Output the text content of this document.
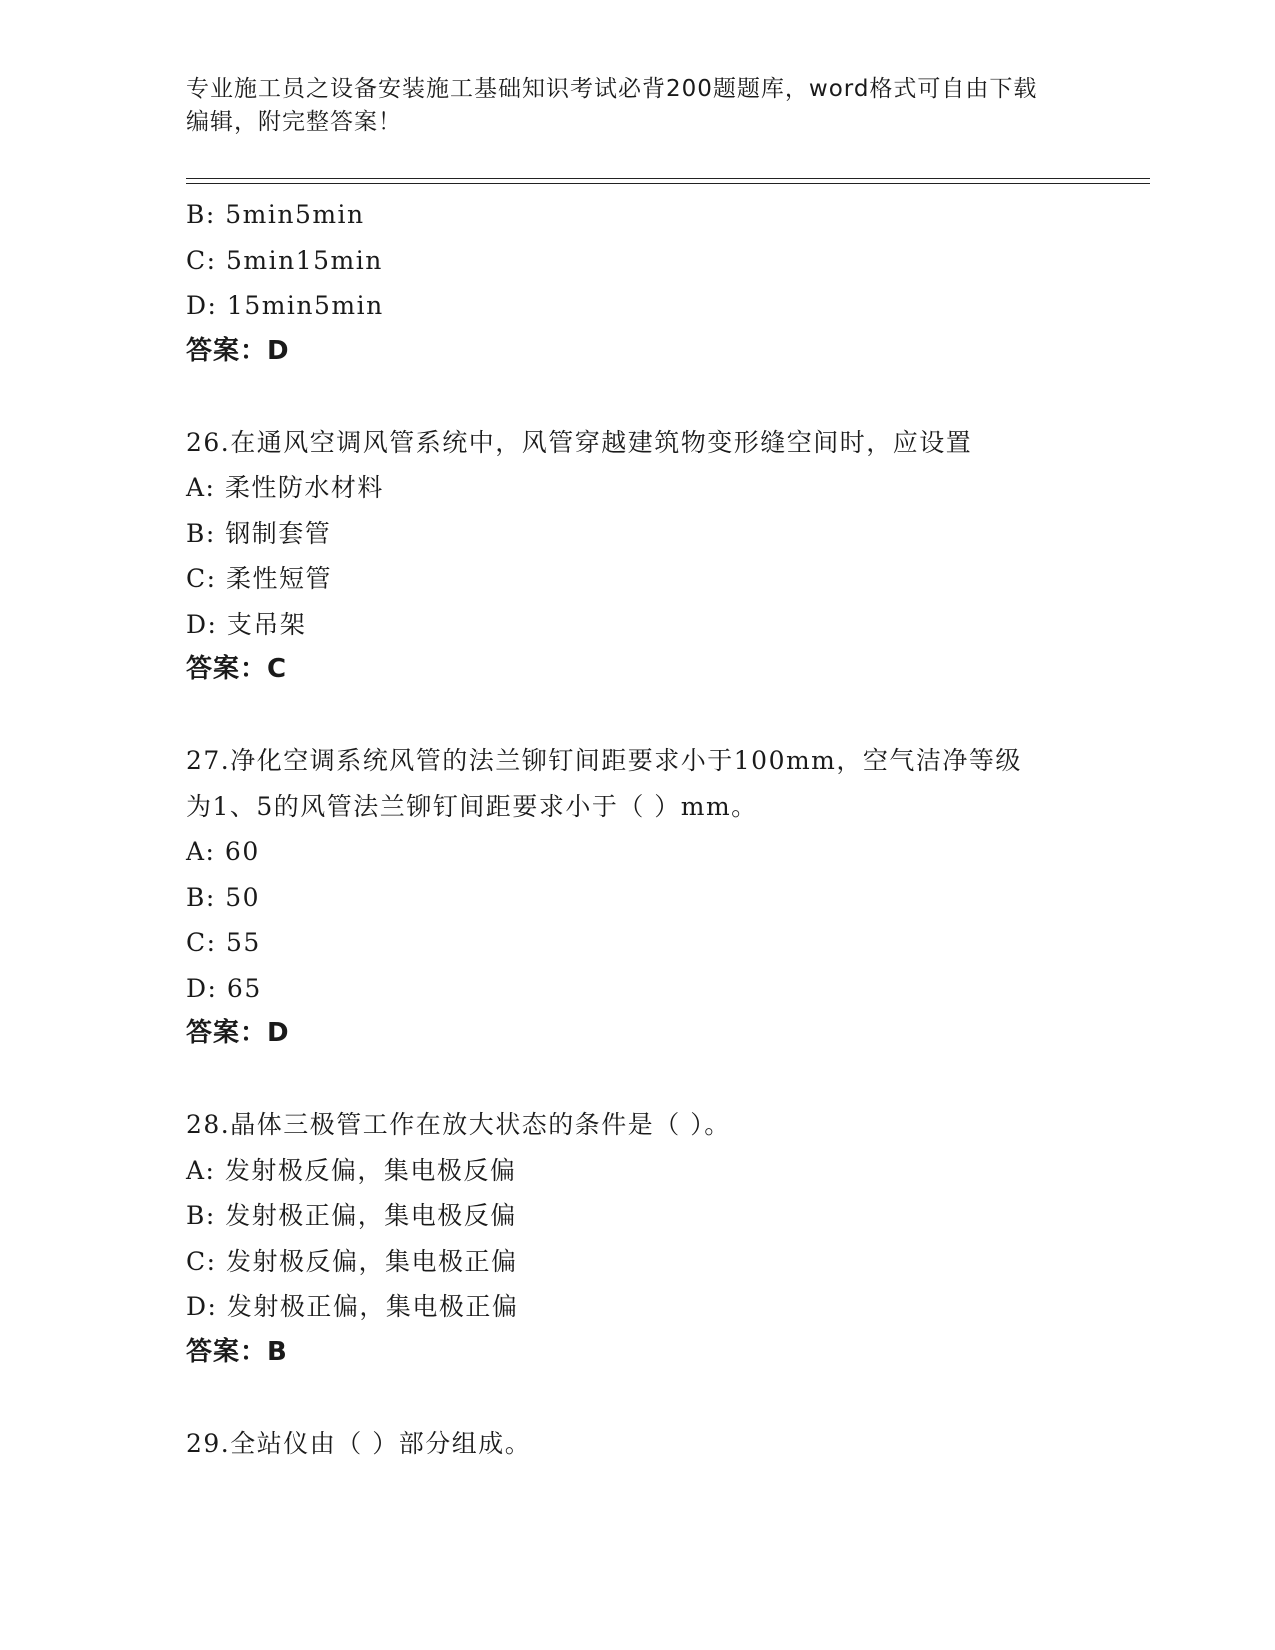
专业施工员之设备安装施工基础知识考试必背200题题库，word格式可自由下载
编辑，附完整答案！
B: 5min5min
C: 5min15min
D: 15min5min
答案：D
26.在通风空调风管系统中，风管穿越建筑物变形缝空间时，应设置
A: 柔性防水材料
B: 钢制套管
C: 柔性短管
D: 支吊架
答案：C
27.净化空调系统风管的法兰铆钉间距要求小于100mm，空气洁净等级
为1、5的风管法兰铆钉间距要求小于（ ）mm。
A: 60
B: 50
C: 55
D: 65
答案：D
28.晶体三极管工作在放大状态的条件是（ ）。
A: 发射极反偏，集电极反偏
B: 发射极正偏，集电极反偏
C: 发射极反偏，集电极正偏
D: 发射极正偏，集电极正偏
答案：B
29.全站仪由（ ）部分组成。
